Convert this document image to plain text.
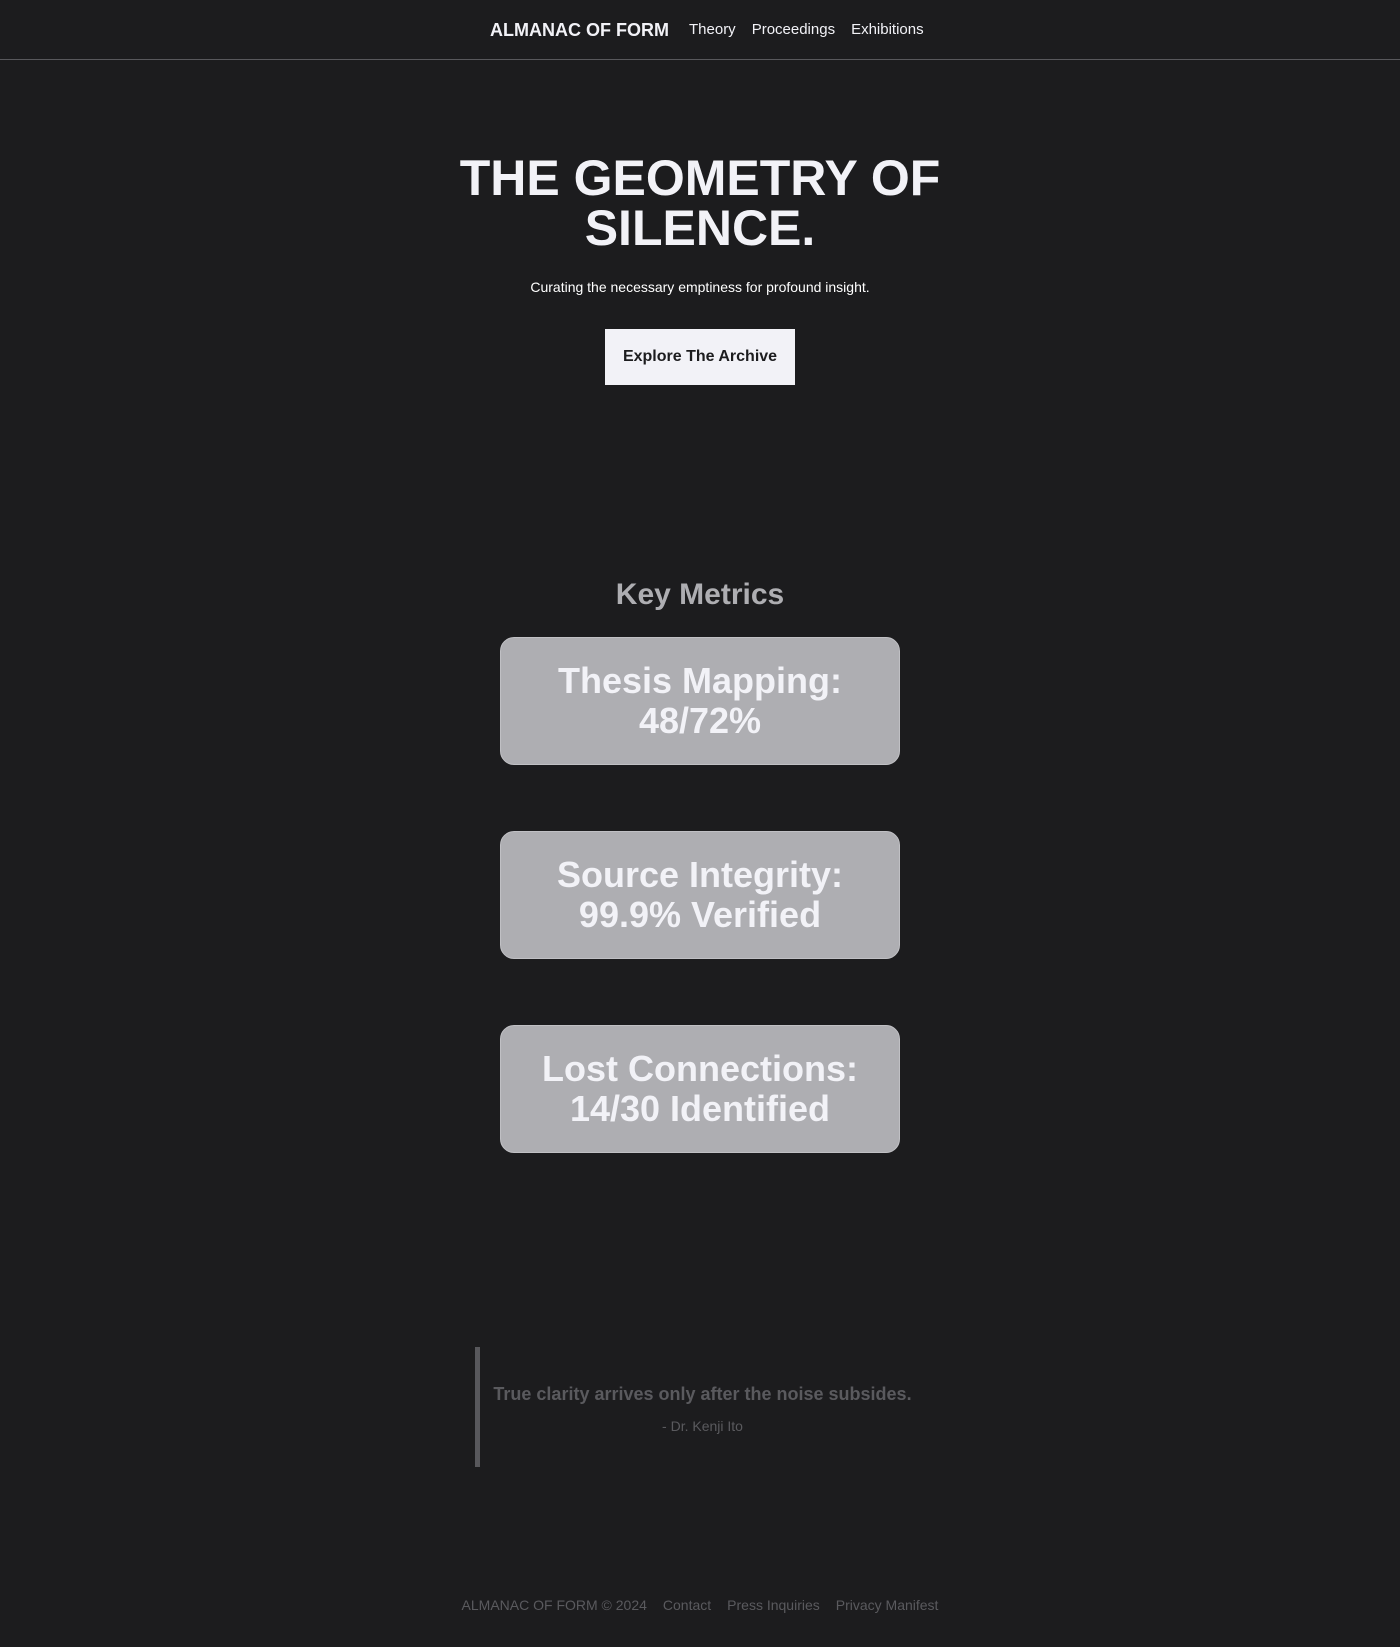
ALMANAC OF FORM Theory Proceedings Exhibitions
THE GEOMETRY OF SILENCE.

Curating the necessary emptiness for profound insight.

Explore The Archive
Key Metrics
Thesis Mapping: 48/72%
Source Integrity: 99.9% Verified
Lost Connections: 14/30 Identified

True clarity arrives only after the noise subsides.

- Dr. Kenji Ito
ALMANAC OF FORM © 2024 Contact Press Inquiries Privacy Manifest
